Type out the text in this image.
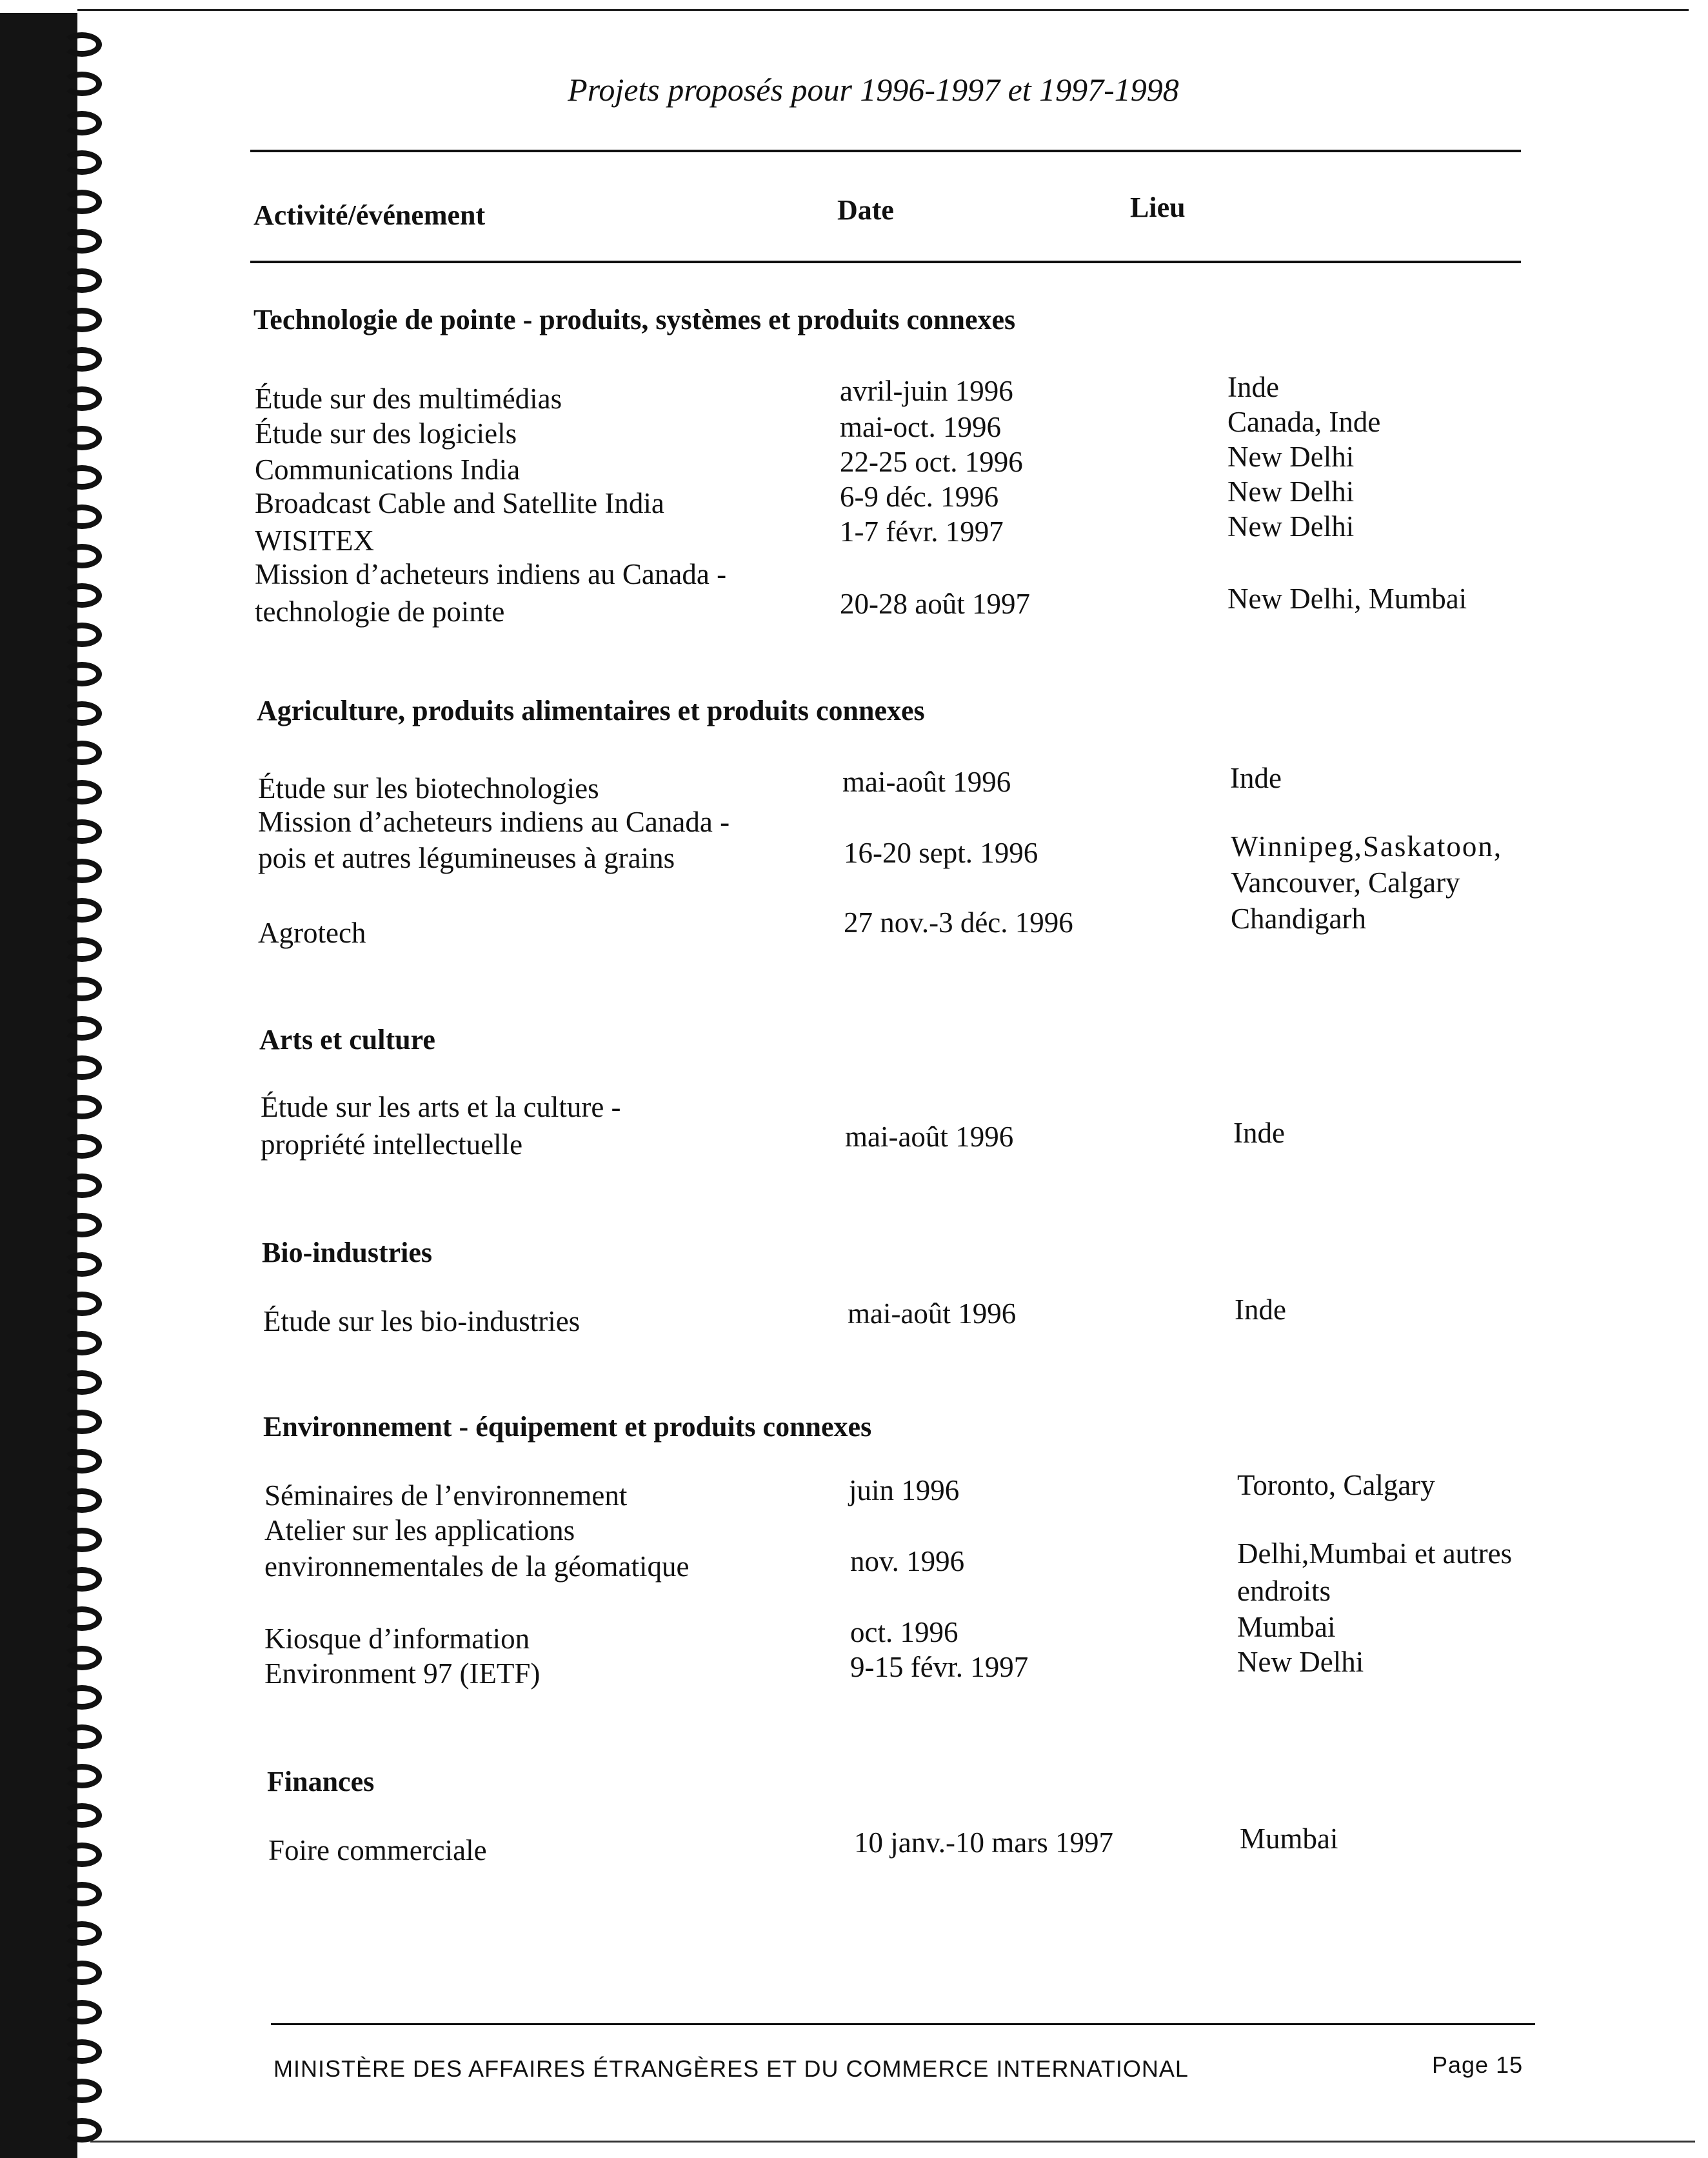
Projets proposés pour 1996-1997 et 1997-1998
Activité/événement	Date	Lieu
Technologie de pointe - produits, systèmes et produits connexes
Étude sur des multimédias	avril-juin 1996	Inde
Étude sur des logiciels	mai-oct. 1996	Canada, Inde
Communications India	22-25 oct. 1996	New Delhi
Broadcast Cable and Satellite India	6-9 déc. 1996	New Delhi
WISITEX	1-7 févr. 1997	New Delhi
Mission d’acheteurs indiens au Canada -
technologie de pointe	20-28 août 1997	New Delhi, Mumbai
Agriculture, produits alimentaires et produits connexes
Étude sur les biotechnologies	mai-août 1996	Inde
Mission d’acheteurs indiens au Canada -
pois et autres légumineuses à grains	16-20 sept. 1996	Winnipeg,Saskatoon,
Vancouver, Calgary
Agrotech	27 nov.-3 déc. 1996	Chandigarh
Arts et culture
Étude sur les arts et la culture -
propriété intellectuelle	mai-août 1996	Inde
Bio-industries
Étude sur les bio-industries	mai-août 1996	Inde
Environnement - équipement et produits connexes
Séminaires de l’environnement	juin 1996	Toronto, Calgary
Atelier sur les applications
environnementales de la géomatique	nov. 1996	Delhi,Mumbai et autres
endroits
Kiosque d’information	oct. 1996	Mumbai
Environment 97 (IETF)	9-15 févr. 1997	New Delhi
Finances
Foire commerciale	10 janv.-10 mars 1997	Mumbai
MINISTÈRE DES AFFAIRES ÉTRANGÈRES ET DU COMMERCE INTERNATIONAL	Page 15
